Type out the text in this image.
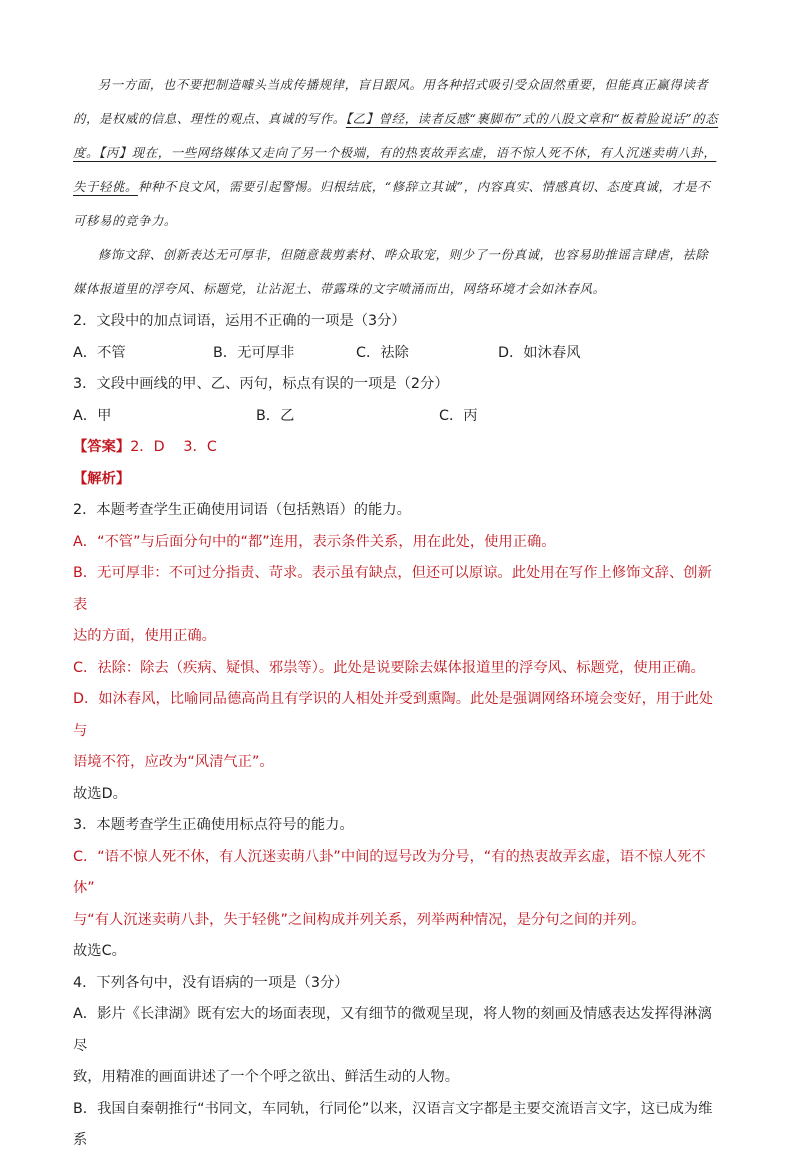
另一方面，也不要把制造噱头当成传播规律，盲目跟风。用各种招式吸引受众固然重要，但能真正赢得读者的，是权威的信息、理性的观点、真诚的写作。【乙】曾经，读者反感“裹脚布”式的八股文章和“板着脸说话”的态度。【丙】现在，一些网络媒体又走向了另一个极端，有的热衷故弄玄虚，语不惊人死不休，有人沉迷卖萌八卦，失于轻佻。种种不良文风，需要引起警惕。归根结底，“修辞立其诚”，内容真实、情感真切、态度真诚，才是不可移易的竞争力。

修饰文辞、创新表达无可厚非，但随意裁剪素材、哗众取宠，则少了一份真诚，也容易助推谣言肆虐，祛除媒体报道里的浮夸风、标题党，让沾泥土、带露珠的文字喷涌而出，网络环境才会如沐春风。

2．文段中的加点词语，运用不正确的一项是（3分）

A．不管	B．无可厚非	C．祛除	D．如沐春风

3．文段中画线的甲、乙、丙句，标点有误的一项是（2分）

A．甲	B．乙	C．丙

【答案】2．D　 3．C

【解析】

2．本题考查学生正确使用词语（包括熟语）的能力。

A．“不管”与后面分句中的“都”连用，表示条件关系，用在此处，使用正确。

B．无可厚非：不可过分指责、苛求。表示虽有缺点，但还可以原谅。此处用在写作上修饰文辞、创新表

达的方面，使用正确。

C．祛除：除去（疾病、疑惧、邪祟等）。此处是说要除去媒体报道里的浮夸风、标题党，使用正确。

D．如沐春风，比喻同品德高尚且有学识的人相处并受到熏陶。此处是强调网络环境会变好，用于此处与

语境不符，应改为“风清气正”。

故选D。

3．本题考查学生正确使用标点符号的能力。

C．“语不惊人死不休，有人沉迷卖萌八卦”中间的逗号改为分号，“有的热衷故弄玄虚，语不惊人死不休”

与“有人沉迷卖萌八卦，失于轻佻”之间构成并列关系，列举两种情况，是分句之间的并列。

故选C。

4．下列各句中，没有语病的一项是（3分）

A．影片《长津湖》既有宏大的场面表现，又有细节的微观呈现，将人物的刻画及情感表达发挥得淋漓尽

致，用精准的画面讲述了一个个呼之欲出、鲜活生动的人物。

B．我国自秦朝推行“书同文，车同轨，行同伦”以来，汉语言文字都是主要交流语言文字，这已成为维系
